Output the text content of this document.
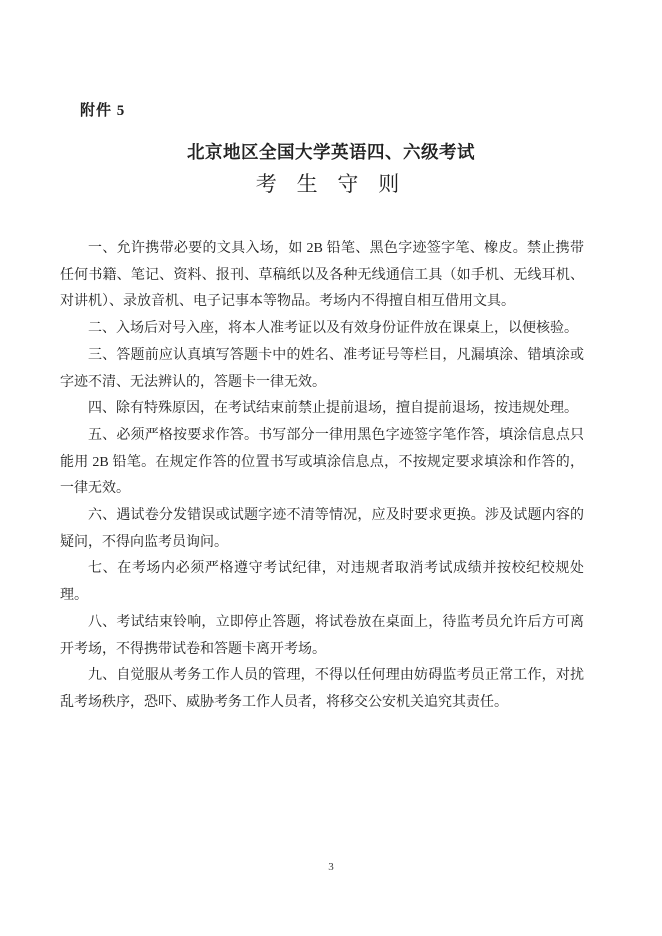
附件 5
北京地区全国大学英语四、六级考试
考 生 守 则

一、允许携带必要的文具入场，如 2B 铅笔、黑色字迹签字笔、橡皮。禁止携带任何书籍、笔记、资料、报刊、草稿纸以及各种无线通信工具（如手机、无线耳机、对讲机）、录放音机、电子记事本等物品。考场内不得擅自相互借用文具。

二、入场后对号入座，将本人准考证以及有效身份证件放在课桌上，以便核验。

三、答题前应认真填写答题卡中的姓名、准考证号等栏目，凡漏填涂、错填涂或字迹不清、无法辨认的，答题卡一律无效。

四、除有特殊原因，在考试结束前禁止提前退场，擅自提前退场，按违规处理。

五、必须严格按要求作答。书写部分一律用黑色字迹签字笔作答，填涂信息点只能用 2B 铅笔。在规定作答的位置书写或填涂信息点，不按规定要求填涂和作答的，一律无效。

六、遇试卷分发错误或试题字迹不清等情况，应及时要求更换。涉及试题内容的疑问，不得向监考员询问。

七、在考场内必须严格遵守考试纪律，对违规者取消考试成绩并按校纪校规处理。

八、考试结束铃响，立即停止答题，将试卷放在桌面上，待监考员允许后方可离开考场，不得携带试卷和答题卡离开考场。

九、自觉服从考务工作人员的管理，不得以任何理由妨碍监考员正常工作，对扰乱考场秩序，恐吓、威胁考务工作人员者，将移交公安机关追究其责任。

3
